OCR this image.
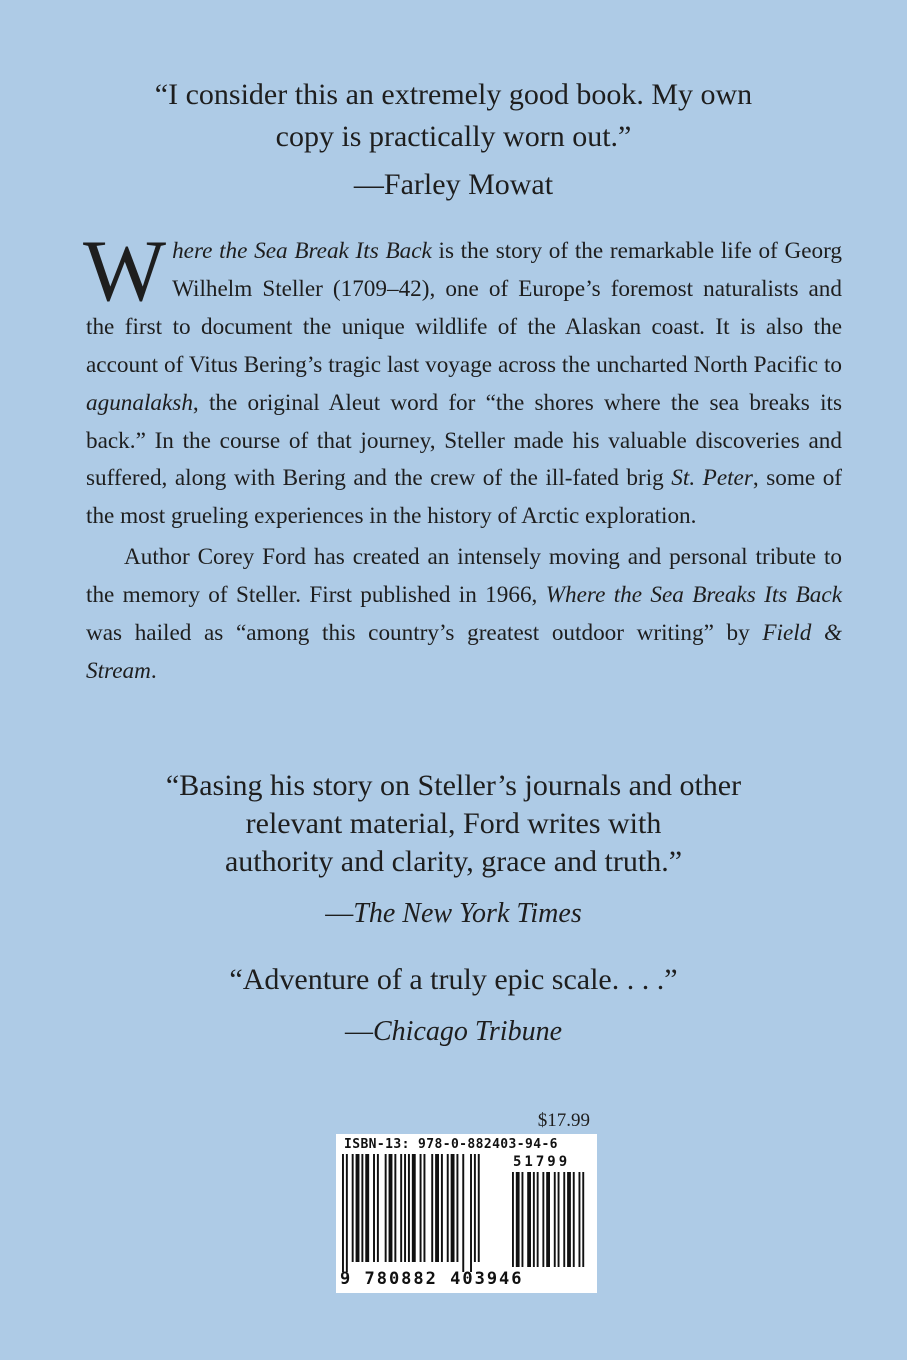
“I consider this an extremely good book. My own
copy is practically worn out.”
—Farley Mowat

Where the Sea Break Its Back is the story of the remarkable life of Georg Wilhelm Steller (1709–42), one of Europe’s foremost naturalists and the first to document the unique wildlife of the Alaskan coast. It is also the account of Vitus Bering’s tragic last voyage across the uncharted North Pacific to agunalaksh, the original Aleut word for “the shores where the sea breaks its back.” In the course of that journey, Steller made his valuable discoveries and suffered, along with Bering and the crew of the ill-fated brig St. Peter, some of the most grueling experiences in the history of Arctic exploration.

Author Corey Ford has created an intensely moving and personal tribute to the memory of Steller. First published in 1966, Where the Sea Breaks Its Back was hailed as “among this country’s greatest outdoor writing” by Field & Stream.

“Basing his story on Steller’s journals and other
relevant material, Ford writes with
authority and clarity, grace and truth.”
—The New York Times
“Adventure of a truly epic scale. . . .”
—Chicago Tribune
$17.99
ISBN-13: 978-0-882403-94-6
51799
9 780882 403946
